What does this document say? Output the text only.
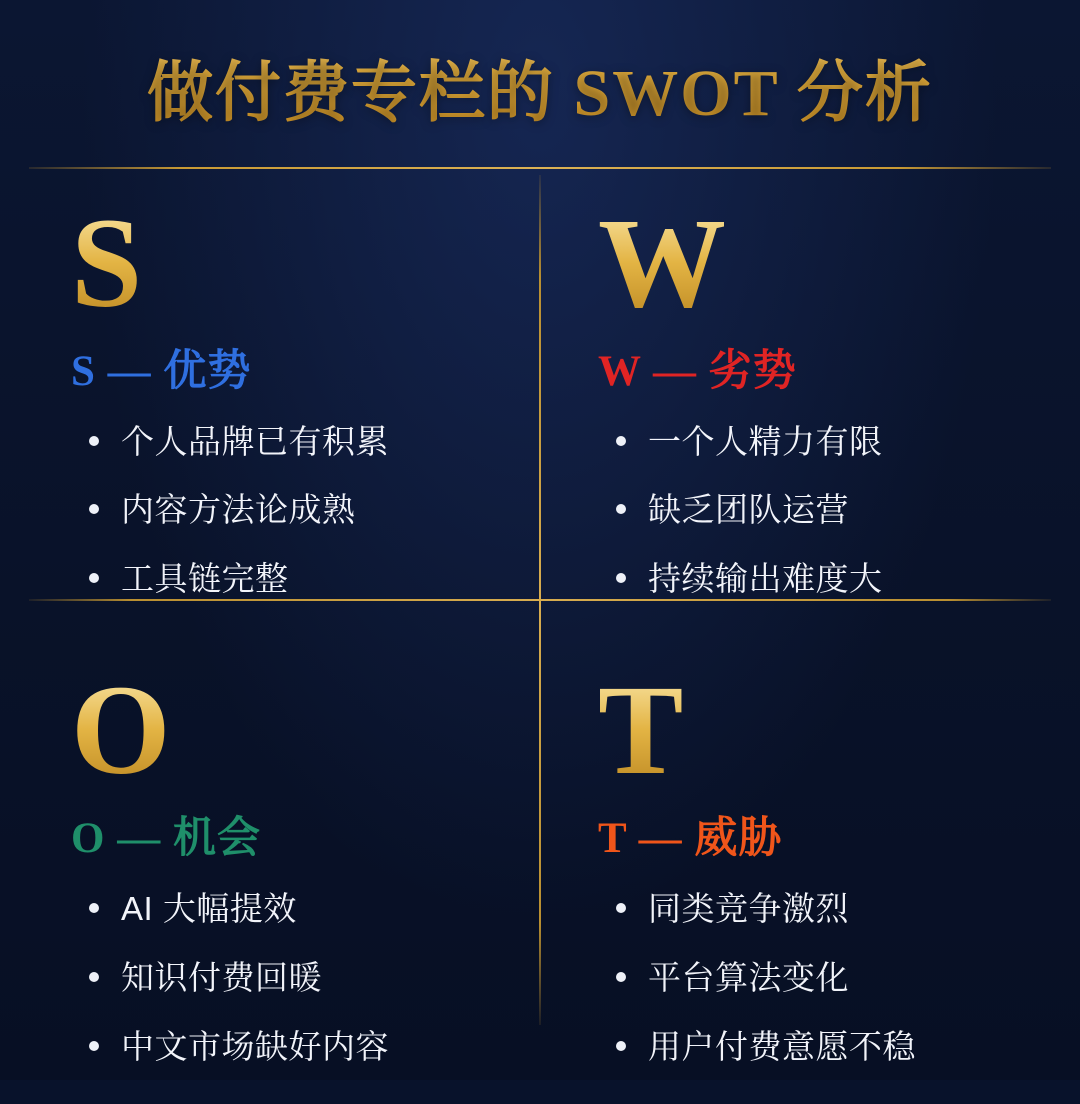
做付费专栏的 SWOT 分析
S
S — 优势
个人品牌已有积累
内容方法论成熟
工具链完整
W
W — 劣势
一个人精力有限
缺乏团队运营
持续输出难度大
O
O — 机会
AI 大幅提效
知识付费回暖
中文市场缺好内容
T
T — 威胁
同类竞争激烈
平台算法变化
用户付费意愿不稳
